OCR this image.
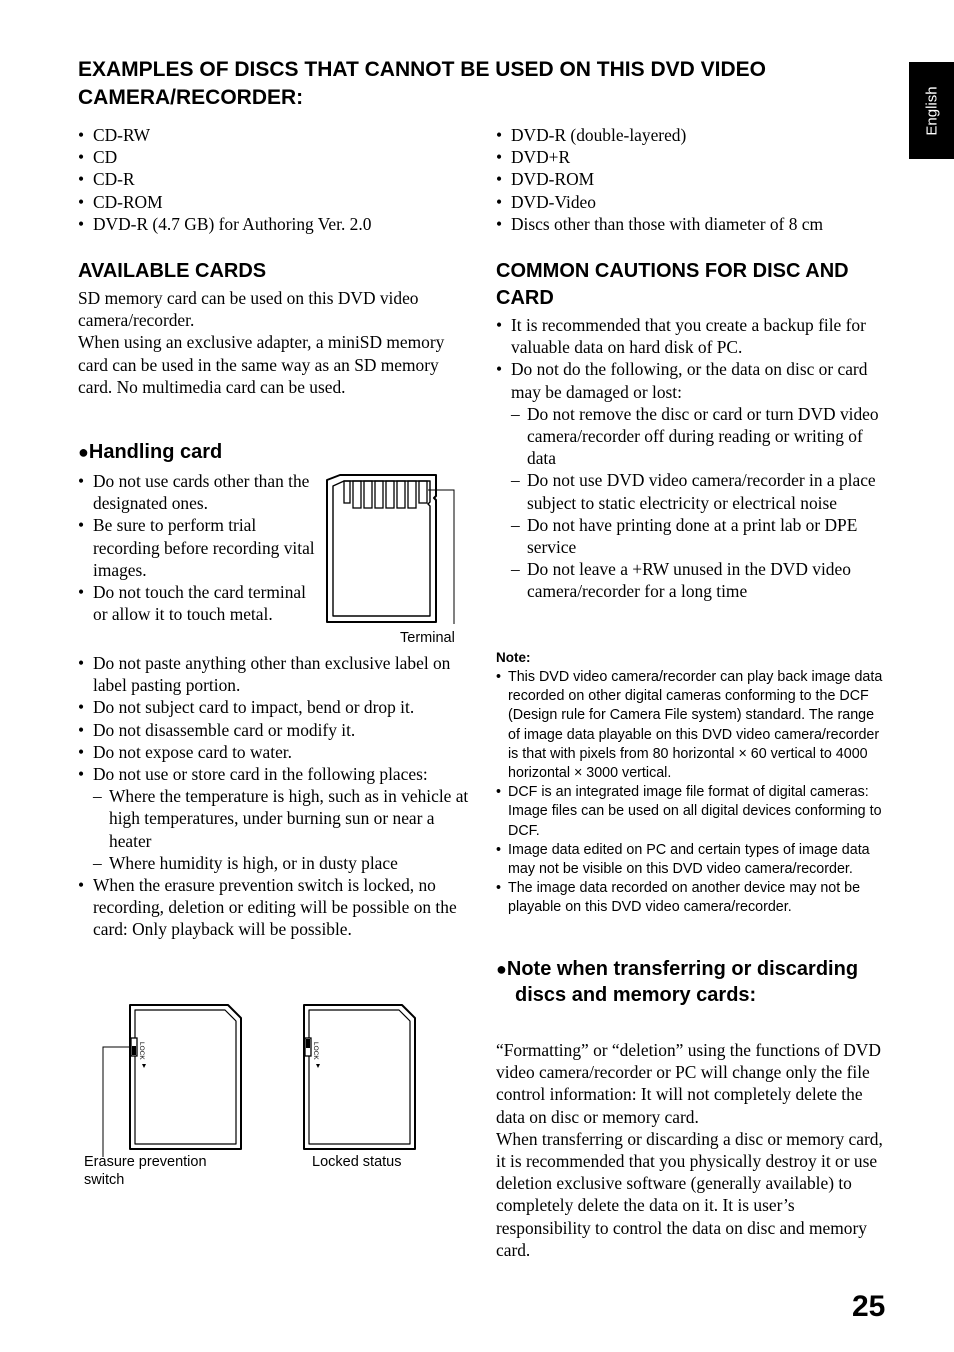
EXAMPLES OF DISCS THAT CANNOT BE USED ON THIS DVD VIDEO CAMERA/RECORDER:	English
• CD-RW
• CD
• CD-R
• CD-ROM
• DVD-R (4.7 GB) for Authoring Ver. 2.0
• DVD-R (double-layered)
• DVD+R
• DVD-ROM
• DVD-Video
• Discs other than those with diameter of 8 cm
AVAILABLE CARDS
SD memory card can be used on this DVD video camera/recorder.
When using an exclusive adapter, a miniSD memory card can be used in the same way as an SD memory card. No multimedia card can be used.
●Handling card
• Do not use cards other than the designated ones.
• Be sure to perform trial recording before recording vital images.
• Do not touch the card terminal or allow it to touch metal.
Terminal
• Do not paste anything other than exclusive label on label pasting portion.
• Do not subject card to impact, bend or drop it.
• Do not disassemble card or modify it.
• Do not expose card to water.
• Do not use or store card in the following places:
– Where the temperature is high, such as in vehicle at high temperatures, under burning sun or near a heater
– Where humidity is high, or in dusty place
• When the erasure prevention switch is locked, no recording, deletion or editing will be possible on the card: Only playback will be possible.
LOCK	LOCK
Erasure prevention switch
Locked status
COMMON CAUTIONS FOR DISC AND CARD
• It is recommended that you create a backup file for valuable data on hard disk of PC.
• Do not do the following, or the data on disc or card may be damaged or lost:
– Do not remove the disc or card or turn DVD video camera/recorder off during reading or writing of data
– Do not use DVD video camera/recorder in a place subject to static electricity or electrical noise
– Do not have printing done at a print lab or DPE service
– Do not leave a +RW unused in the DVD video camera/recorder for a long time
Note:
• This DVD video camera/recorder can play back image data recorded on other digital cameras conforming to the DCF (Design rule for Camera File system) standard. The range of image data playable on this DVD video camera/recorder is that with pixels from 80 horizontal × 60 vertical to 4000 horizontal × 3000 vertical.
• DCF is an integrated image file format of digital cameras: Image files can be used on all digital devices conforming to DCF.
• Image data edited on PC and certain types of image data may not be visible on this DVD video camera/recorder.
• The image data recorded on another device may not be playable on this DVD video camera/recorder.
●Note when transferring or discarding discs and memory cards:
“Formatting” or “deletion” using the functions of DVD video camera/recorder or PC will change only the file control information: It will not completely delete the data on disc or memory card.
When transferring or discarding a disc or memory card, it is recommended that you physically destroy it or use deletion exclusive software (generally available) to completely delete the data on it. It is user’s responsibility to control the data on disc and memory card.
25
